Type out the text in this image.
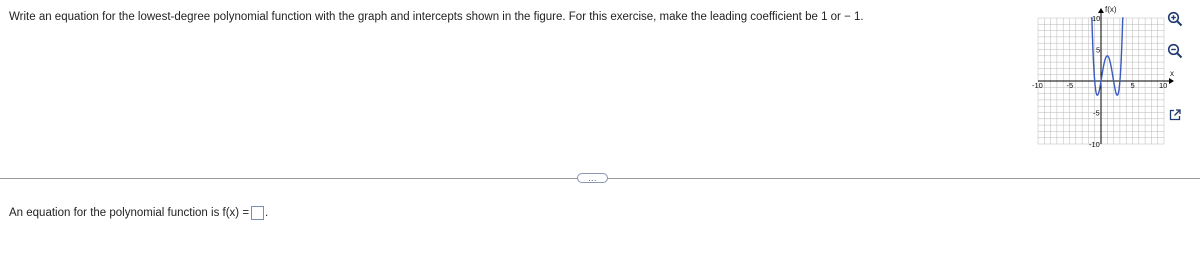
Write an equation for the lowest-degree polynomial function with the graph and intercepts shown in the figure. For this exercise, make the leading coefficient be 1 or − 1.
f(x)
x
-10	-5	5	10
10
5
-5
-10
…
An equation for the polynomial function is f(x) = .
